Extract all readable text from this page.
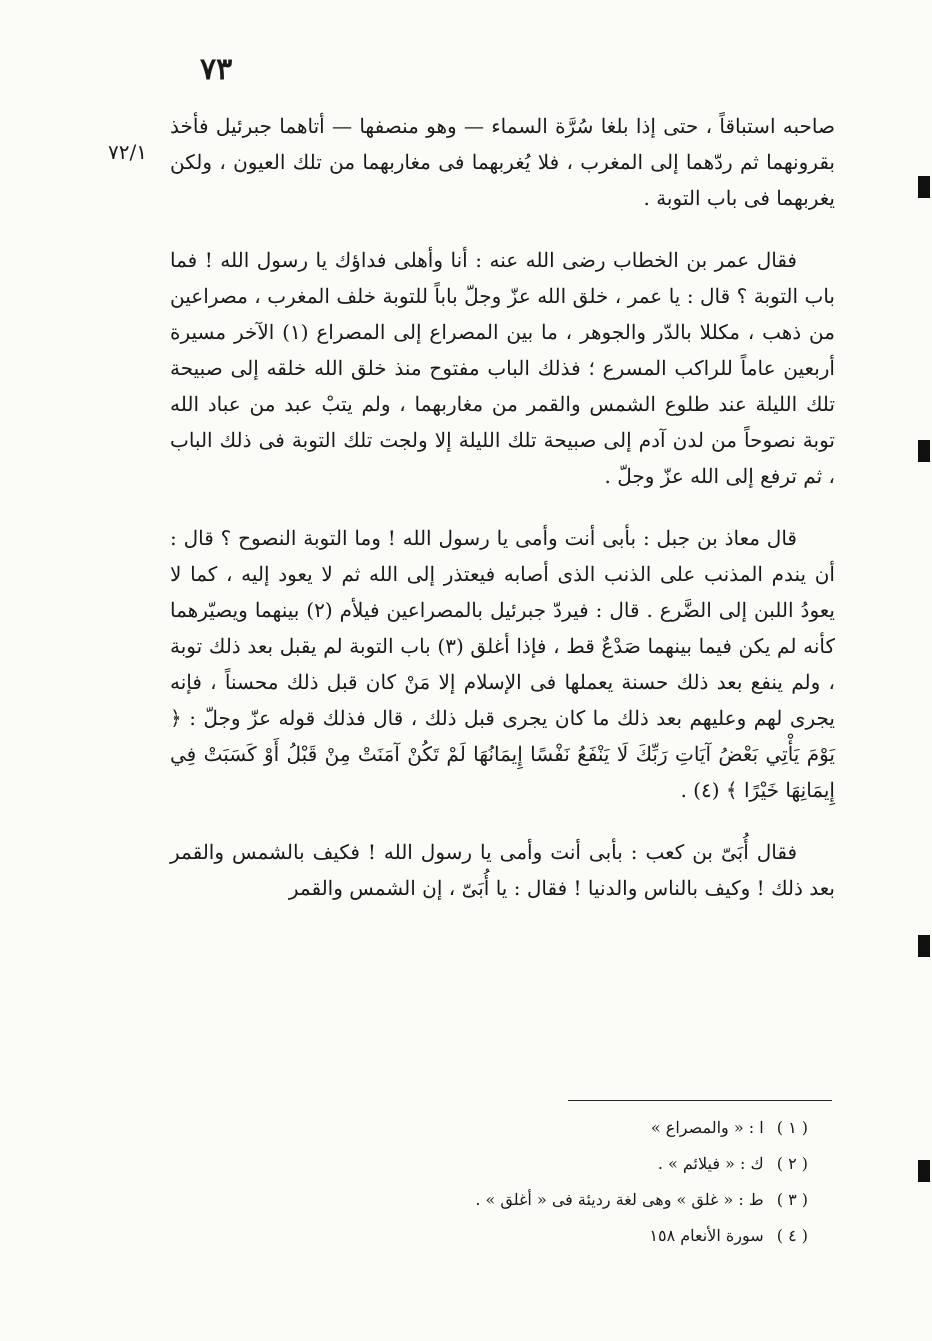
٧٣
٧٢/١

صاحبه استباقاً ، حتى إذا بلغا سُرَّة السماء — وهو منصفها — أتاهما جبرئيل فأخذ بقرونهما ثم ردّهما إلى المغرب ، فلا يُغربهما فى مغاربهما من تلك العيون ، ولكن يغربهما فى باب التوبة .

فقال عمر بن الخطاب رضى الله عنه : أنا وأهلى فداؤك يا رسول الله ! فما باب التوبة ؟ قال : يا عمر ، خلق الله عزّ وجلّ باباً للتوبة خلف المغرب ، مصراعين من ذهب ، مكللا بالدّر والجوهر ، ما بين المصراع إلى المصراع (١) الآخر مسيرة أربعين عاماً للراكب المسرع ؛ فذلك الباب مفتوح منذ خلق الله خلقه إلى صبيحة تلك الليلة عند طلوع الشمس والقمر من مغاربهما ، ولم يتبْ عبد من عباد الله توبة نصوحاً من لدن آدم إلى صبيحة تلك الليلة إلا ولجت تلك التوبة فى ذلك الباب ، ثم ترفع إلى الله عزّ وجلّ .

قال معاذ بن جبل : بأبى أنت وأمى يا رسول الله ! وما التوبة النصوح ؟ قال : أن يندم المذنب على الذنب الذى أصابه فيعتذر إلى الله ثم لا يعود إليه ، كما لا يعودُ اللبن إلى الضَّرع . قال : فيردّ جبرئيل بالمصراعين فيلأم (٢) بينهما ويصيّرهما كأنه لم يكن فيما بينهما صَدْعٌ قط ، فإذا أغلق (٣) باب التوبة لم يقبل بعد ذلك توبة ، ولم ينفع بعد ذلك حسنة يعملها فى الإسلام إلا مَنْ كان قبل ذلك محسناً ، فإنه يجرى لهم وعليهم بعد ذلك ما كان يجرى قبل ذلك ، قال فذلك قوله عزّ وجلّ : ﴿ يَوْمَ يَأْتِي بَعْضُ آيَاتِ رَبِّكَ لَا يَنْفَعُ نَفْسًا إِيمَانُهَا لَمْ تَكُنْ آمَنَتْ مِنْ قَبْلُ أَوْ كَسَبَتْ فِي إِيمَانِهَا خَيْرًا ﴾ (٤) .

فقال أُبَىّ بن كعب : بأبى أنت وأمى يا رسول الله ! فكيف بالشمس والقمر بعد ذلك ! وكيف بالناس والدنيا ! فقال : يا أُبَىّ ، إن الشمس والقمر

( ١ ) ا : « والمصراع »

( ٢ ) ك : « فيلائم » .

( ٣ ) ط : « غلق » وهى لغة رديئة فى « أغلق » .

( ٤ ) سورة الأنعام ١٥٨
